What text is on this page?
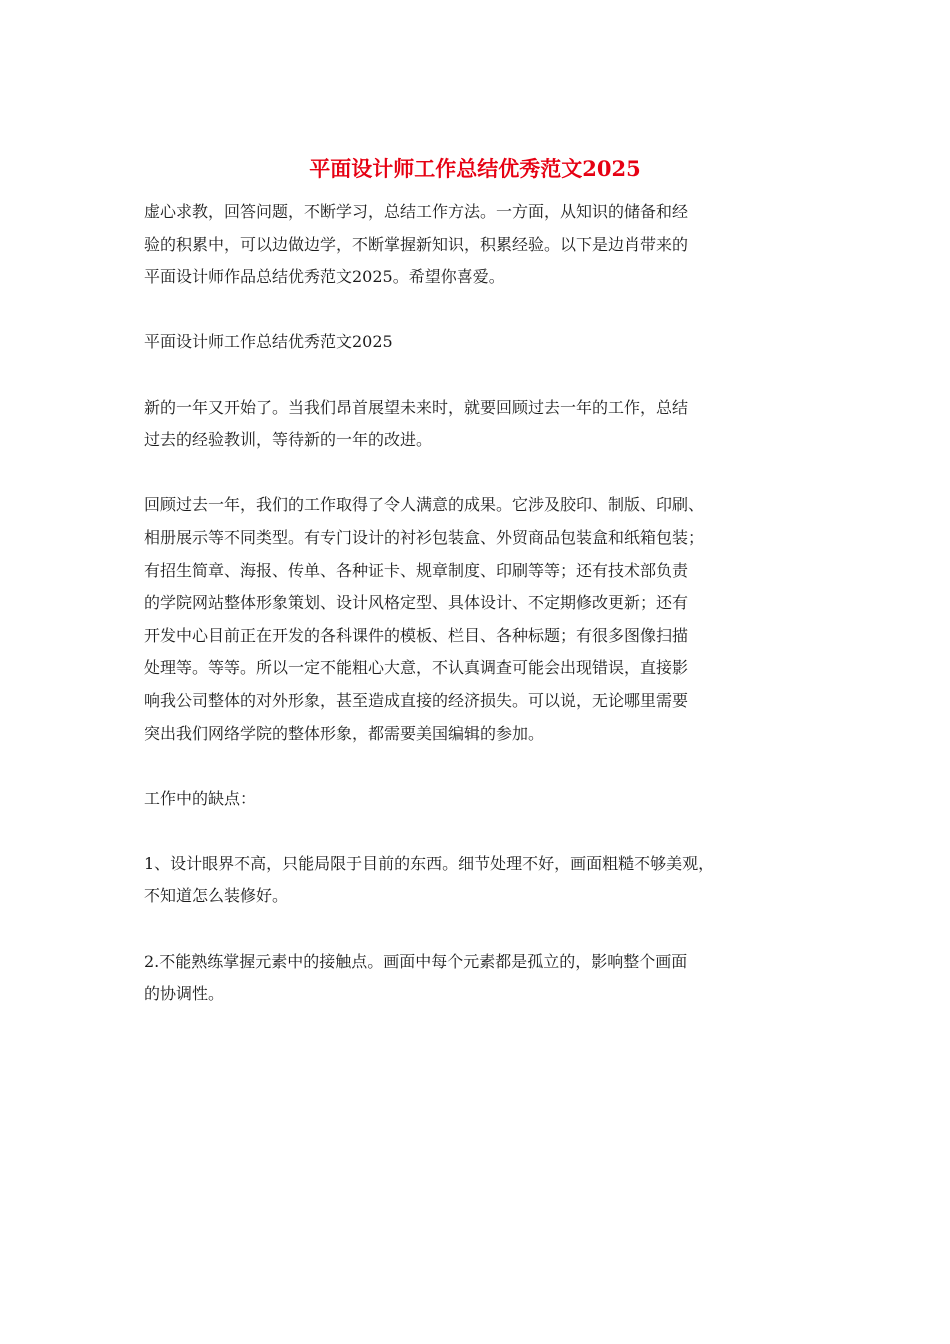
平面设计师工作总结优秀范文2025

虚心求教，回答问题，不断学习，总结工作方法。一方面，从知识的储备和经
验的积累中，可以边做边学，不断掌握新知识，积累经验。以下是边肖带来的
平面设计师作品总结优秀范文2025。希望你喜爱。

平面设计师工作总结优秀范文2025

新的一年又开始了。当我们昂首展望未来时，就要回顾过去一年的工作，总结
过去的经验教训，等待新的一年的改进。

回顾过去一年，我们的工作取得了令人满意的成果。它涉及胶印、制版、印刷、
相册展示等不同类型。有专门设计的衬衫包装盒、外贸商品包装盒和纸箱包装；
有招生简章、海报、传单、各种证卡、规章制度、印刷等等；还有技术部负责
的学院网站整体形象策划、设计风格定型、具体设计、不定期修改更新；还有
开发中心目前正在开发的各科课件的模板、栏目、各种标题；有很多图像扫描
处理等。等等。所以一定不能粗心大意，不认真调查可能会出现错误，直接影
响我公司整体的对外形象，甚至造成直接的经济损失。可以说，无论哪里需要
突出我们网络学院的整体形象，都需要美国编辑的参加。

工作中的缺点：

1、设计眼界不高，只能局限于目前的东西。细节处理不好，画面粗糙不够美观，
不知道怎么装修好。

2.不能熟练掌握元素中的接触点。画面中每个元素都是孤立的，影响整个画面
的协调性。
